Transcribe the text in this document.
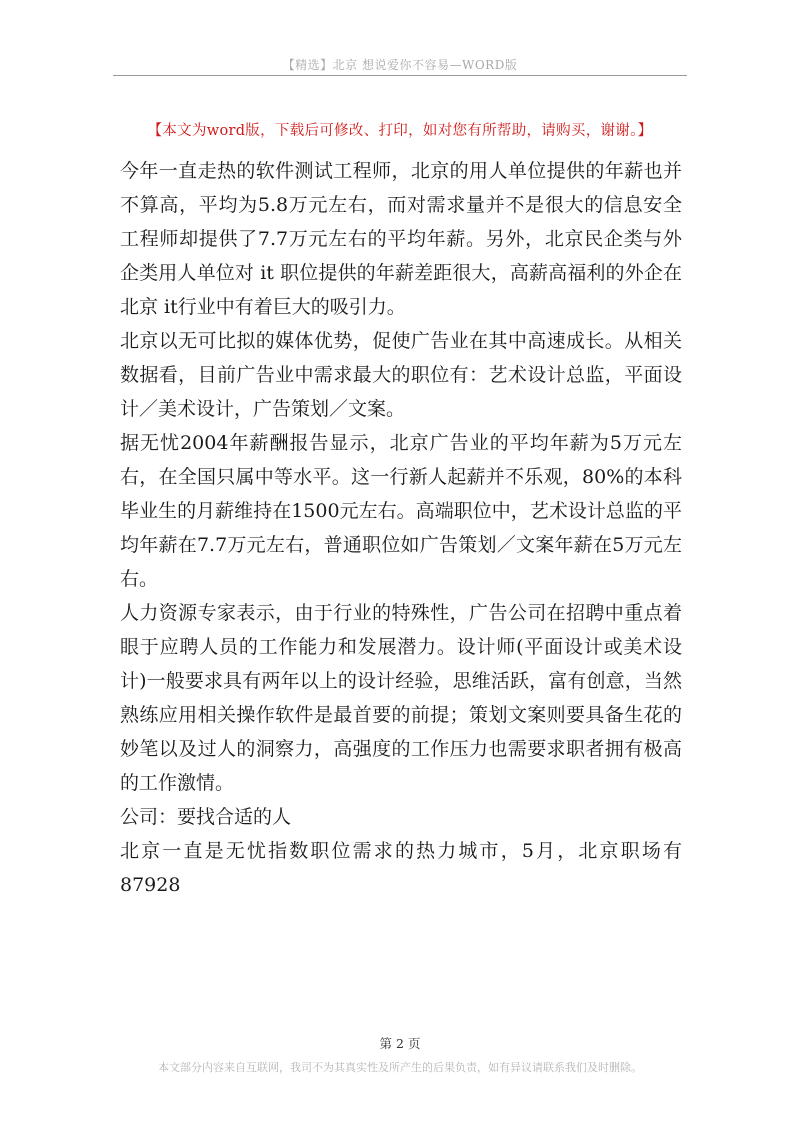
【精选】北京 想说爱你不容易—WORD版
【本文为word版，下载后可修改、打印，如对您有所帮助，请购买，谢谢。】

今年一直走热的软件测试工程师，北京的用人单位提供的年薪也并不算高，平均为5.8万元左右，而对需求量并不是很大的信息安全工程师却提供了7.7万元左右的平均年薪。另外，北京民企类与外企类用人单位对 it 职位提供的年薪差距很大，高薪高福利的外企在北京 it行业中有着巨大的吸引力。

北京以无可比拟的媒体优势，促使广告业在其中高速成长。从相关数据看，目前广告业中需求最大的职位有：艺术设计总监，平面设计／美术设计，广告策划／文案。

据无忧2004年薪酬报告显示，北京广告业的平均年薪为5万元左右，在全国只属中等水平。这一行新人起薪并不乐观，80%的本科毕业生的月薪维持在1500元左右。高端职位中，艺术设计总监的平均年薪在7.7万元左右，普通职位如广告策划／文案年薪在5万元左右。

人力资源专家表示，由于行业的特殊性，广告公司在招聘中重点着眼于应聘人员的工作能力和发展潜力。设计师(平面设计或美术设计)一般要求具有两年以上的设计经验，思维活跃，富有创意，当然熟练应用相关操作软件是最首要的前提；策划文案则要具备生花的妙笔以及过人的洞察力，高强度的工作压力也需要求职者拥有极高的工作激情。

公司：要找合适的人

北京一直是无忧指数职位需求的热力城市，5月，北京职场有87928

第 2 页
本文部分内容来自互联网，我司不为其真实性及所产生的后果负责，如有异议请联系我们及时删除。
